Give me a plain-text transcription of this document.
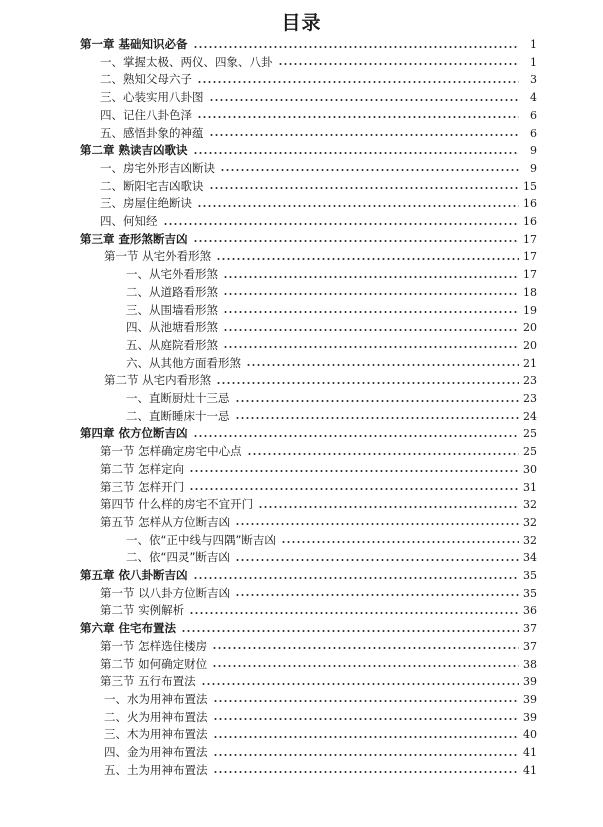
目录
第一章 基础知识必备	1
一、掌握太极、两仪、四象、八卦	1
二、熟知父母六子	3
三、心装实用八卦图	4
四、记住八卦色泽	6
五、感悟卦象的神蕴	6
第二章 熟读吉凶歌诀	9
一、房宅外形吉凶断诀	9
二、断阳宅吉凶歌诀	15
三、房屋住绝断诀	16
四、何知经	16
第三章 查形煞断吉凶	17
第一节 从宅外看形煞	17
一、从宅外看形煞	17
二、从道路看形煞	18
三、从围墙看形煞	19
四、从池塘看形煞	20
五、从庭院看形煞	20
六、从其他方面看形煞	21
第二节 从宅内看形煞	23
一、直断厨灶十三忌	23
二、直断睡床十一忌	24
第四章 依方位断吉凶	25
第一节 怎样确定房宅中心点	25
第二节 怎样定向	30
第三节 怎样开门	31
第四节 什么样的房宅不宜开门	32
第五节 怎样从方位断吉凶	32
一、依“正中线与四隅”断吉凶	32
二、依“四灵”断吉凶	34
第五章 依八卦断吉凶	35
第一节 以八卦方位断吉凶	35
第二节 实例解析	36
第六章 住宅布置法	37
第一节 怎样选住楼房	37
第二节 如何确定财位	38
第三节 五行布置法	39
一、水为用神布置法	39
二、火为用神布置法	39
三、木为用神布置法	40
四、金为用神布置法	41
五、土为用神布置法	41
